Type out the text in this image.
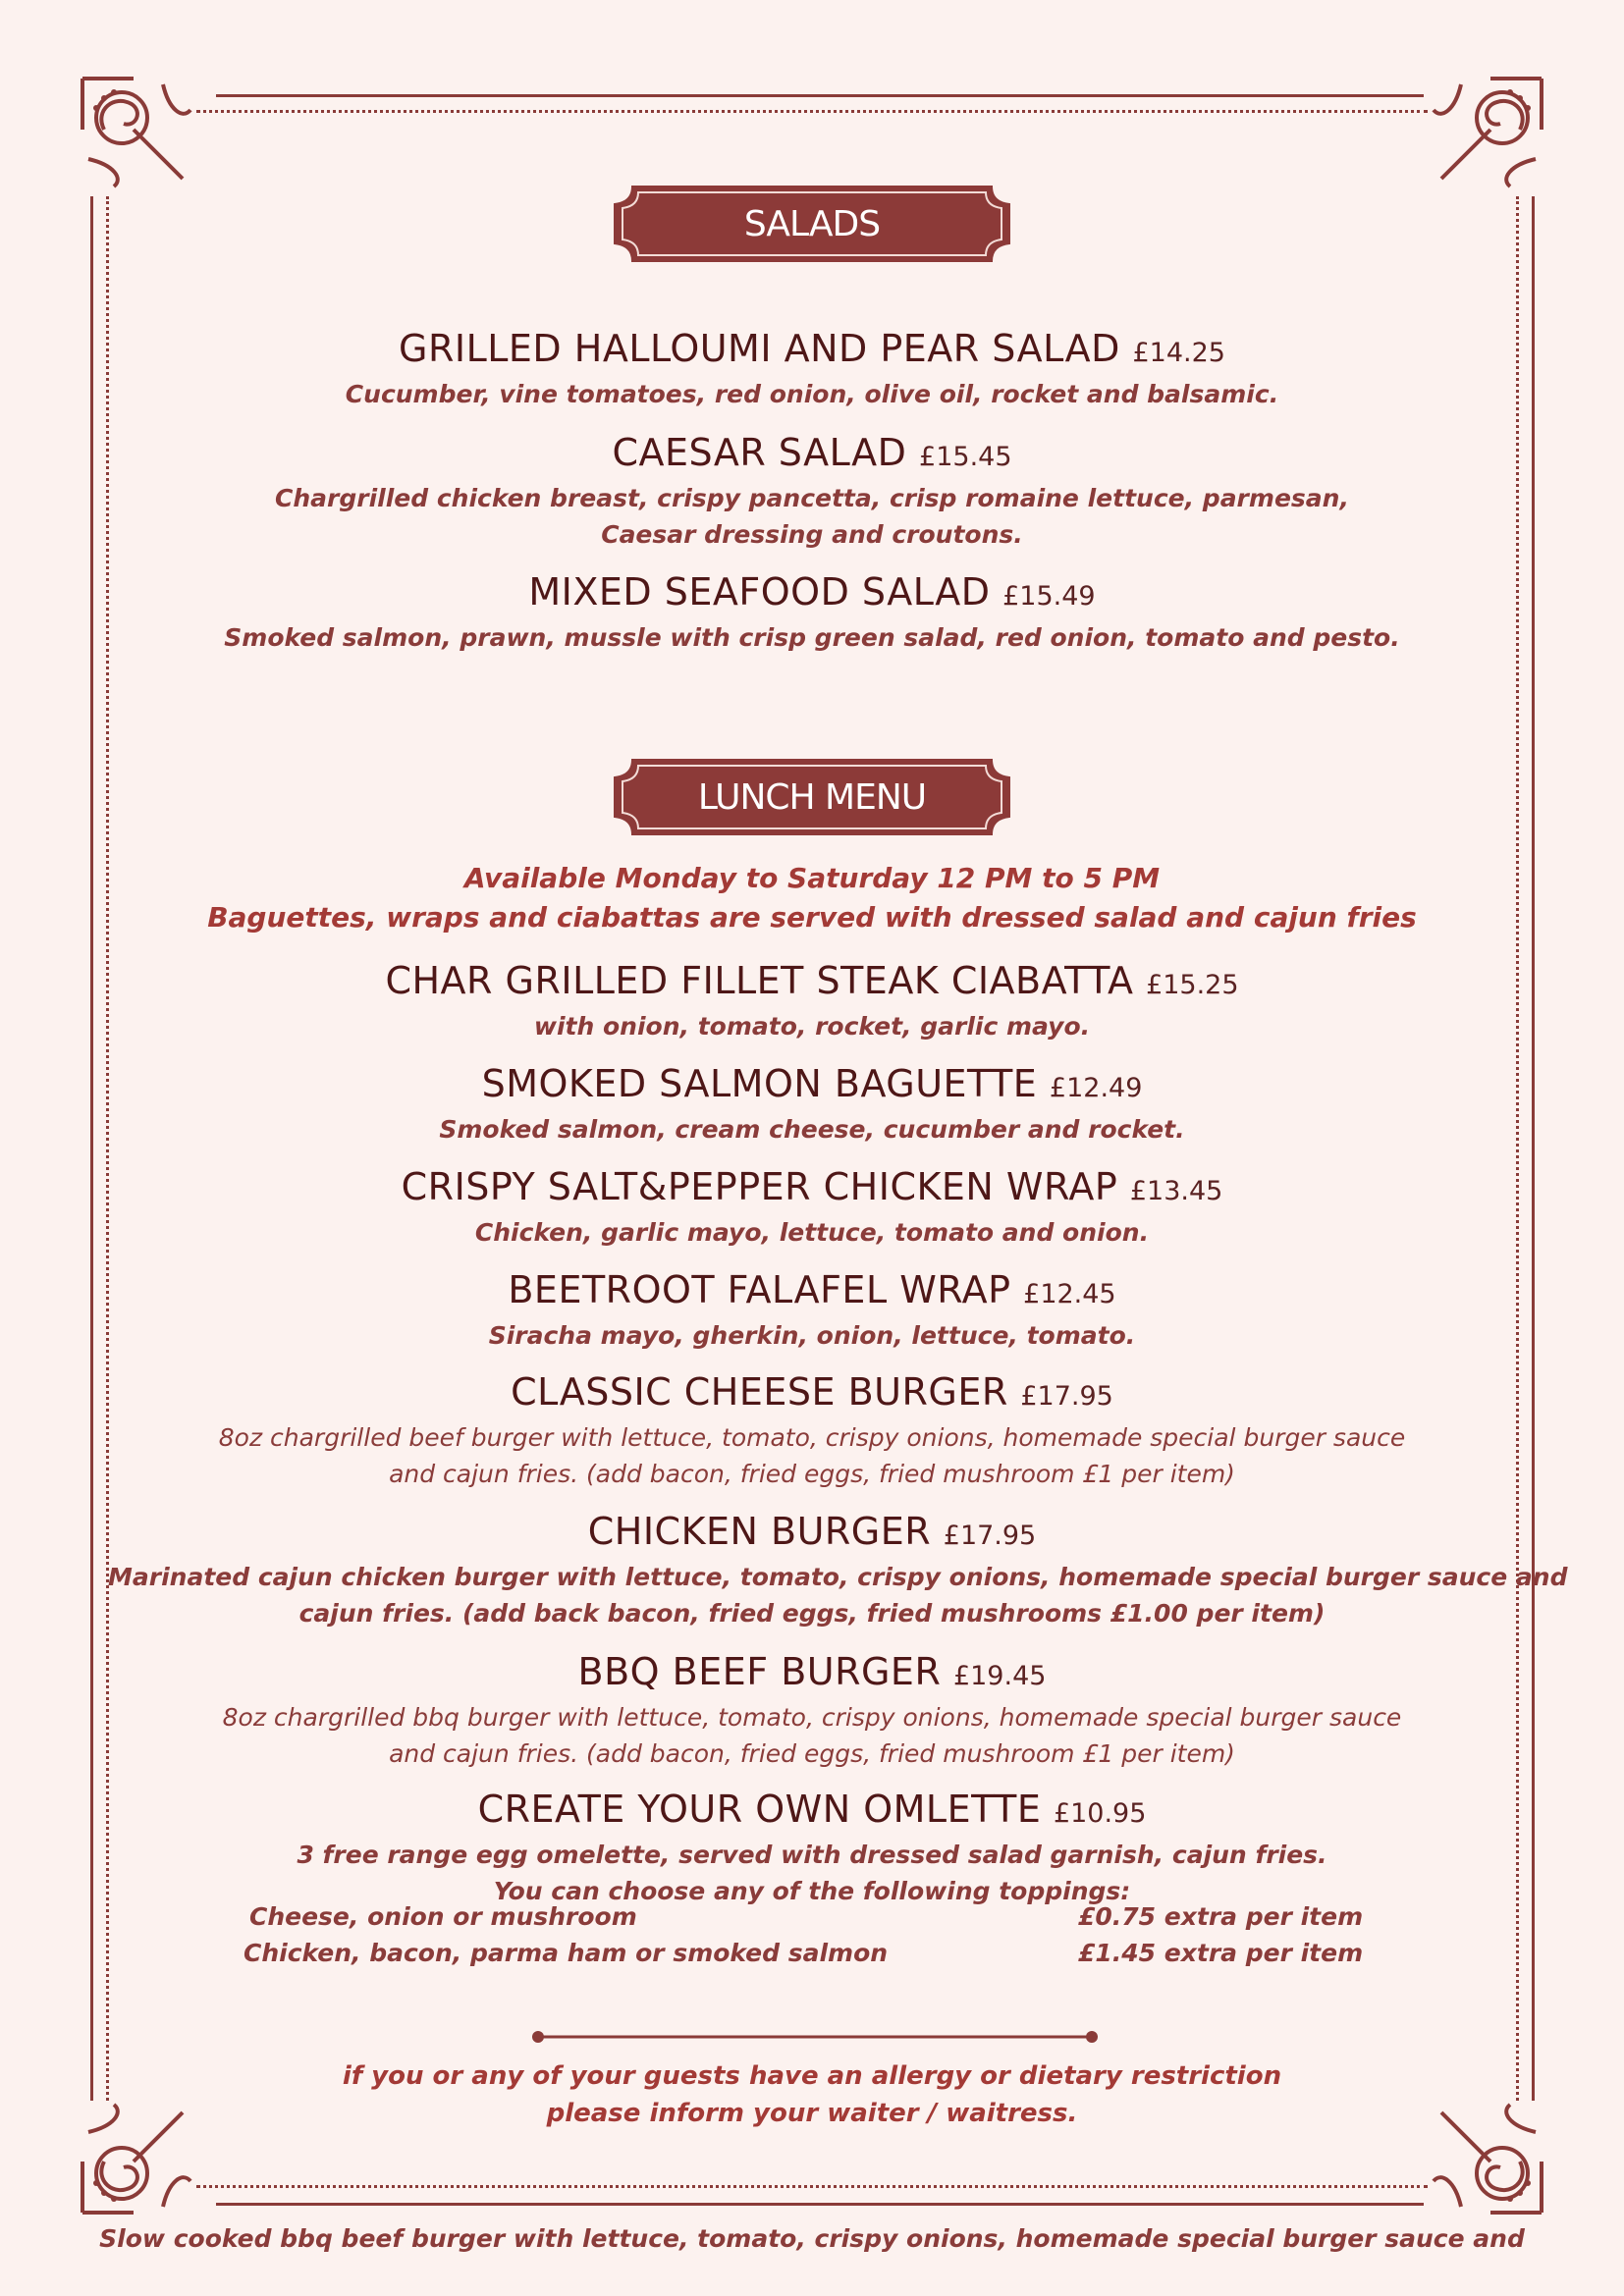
SALADS
GRILLED HALLOUMI AND PEAR SALAD £14.25
Cucumber, vine tomatoes, red onion, olive oil, rocket and balsamic.
CAESAR SALAD £15.45
Chargrilled chicken breast, crispy pancetta, crisp romaine lettuce, parmesan,
Caesar dressing and croutons.
MIXED SEAFOOD SALAD £15.49
Smoked salmon, prawn, mussle with crisp green salad, red onion, tomato and pesto.
LUNCH MENU
Available Monday to Saturday 12 PM to 5 PM
Baguettes, wraps and ciabattas are served with dressed salad and cajun fries
CHAR GRILLED FILLET STEAK CIABATTA £15.25
with onion, tomato, rocket, garlic mayo.
SMOKED SALMON BAGUETTE £12.49
Smoked salmon, cream cheese, cucumber and rocket.
CRISPY SALT&PEPPER CHICKEN WRAP £13.45
Chicken, garlic mayo, lettuce, tomato and onion.
BEETROOT FALAFEL WRAP £12.45
Siracha mayo, gherkin, onion, lettuce, tomato.
CLASSIC CHEESE BURGER £17.95
8oz chargrilled beef burger with lettuce, tomato, crispy onions, homemade special burger sauce
and cajun fries. (add bacon, fried eggs, fried mushroom £1 per item)
CHICKEN BURGER £17.95
Marinated cajun chicken burger with lettuce, tomato, crispy onions, homemade special burger sauce and
cajun fries. (add back bacon, fried eggs, fried mushrooms £1.00 per item)
BBQ BEEF BURGER £19.45
8oz chargrilled bbq burger with lettuce, tomato, crispy onions, homemade special burger sauce
and cajun fries. (add bacon, fried eggs, fried mushroom £1 per item)
CREATE YOUR OWN OMLETTE £10.95
3 free range egg omelette, served with dressed salad garnish, cajun fries.
You can choose any of the following toppings:
Cheese, onion or mushroom	£0.75 extra per item
Chicken, bacon, parma ham or smoked salmon	£1.45 extra per item
if you or any of your guests have an allergy or dietary restriction
please inform your waiter / waitress.
Slow cooked bbq beef burger with lettuce, tomato, crispy onions, homemade special burger sauce and
